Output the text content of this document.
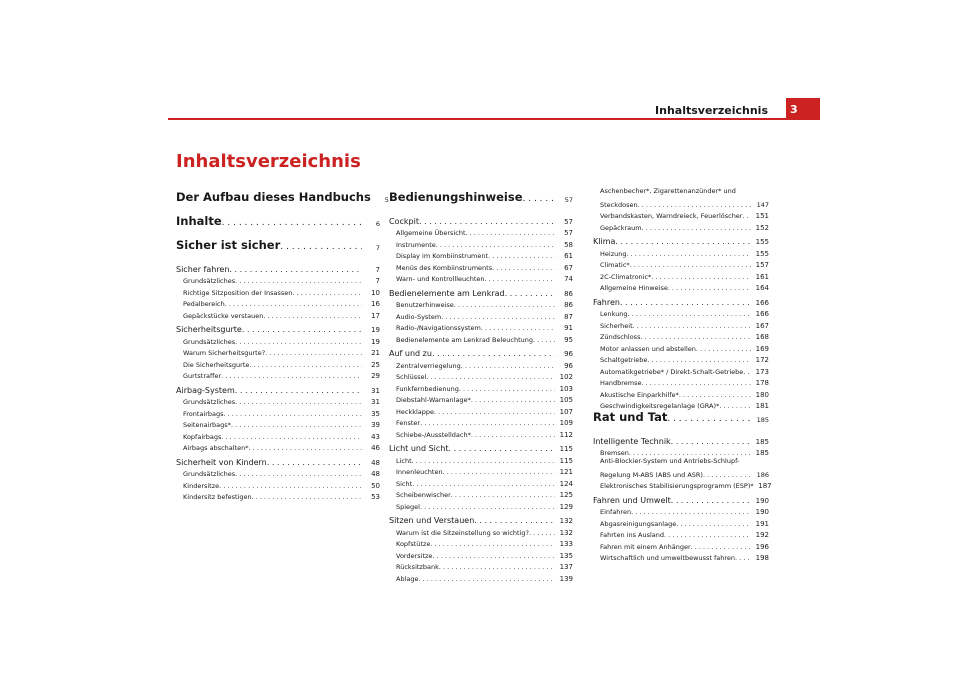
Inhaltsverzeichnis	3
Inhaltsverzeichnis
Der Aufbau dieses Handbuchs	5
Inhalte . . .	6
Sicher ist sicher . . .	7
Sicher fahren . . .	7
Grundsätzliches . . .	7
Richtige Sitzposition der Insassen . . .	10
Pedalbereich . . .	16
Gepäckstücke verstauen . . .	17
Sicherheitsgurte . . .	19
Grundsätzliches . . .	19
Warum Sicherheitsgurte? . . .	21
Die Sicherheitsgurte . . .	25
Gurtstraffer . . .	29
Airbag-System . . .	31
Grundsätzliches . . .	31
Frontairbags . . .	35
Seitenairbags* . . .	39
Kopfairbags . . .	43
Airbags abschalten* . . .	46
Sicherheit von Kindern . . .	48
Grundsätzliches . . .	48
Kindersitze . . .	50
Kindersitz befestigen . . .	53
Bedienungshinweise . . .	57
Cockpit . . .	57
Allgemeine Übersicht . . .	57
Instrumente . . .	58
Display im Kombiinstrument . . .	61
Menüs des Kombiinstruments . . .	67
Warn- und Kontrollleuchten . . .	74
Bedienelemente am Lenkrad . . .	86
Benutzerhinweise . . .	86
Audio-System . . .	87
Radio-/Navigationssystem . . .	91
Bedienelemente am Lenkrad Beleuchtung . . .	95
Auf und zu . . .	96
Zentralverriegelung . . .	96
Schlüssel . . .	102
Funkfernbedienung . . .	103
Diebstahl-Warnanlage* . . .	105
Heckklappe . . .	107
Fenster . . .	109
Schiebe-/Ausstelldach* . . .	112
Licht und Sicht . . .	115
Licht . . .	115
Innenleuchten . . .	121
Sicht . . .	124
Scheibenwischer . . .	125
Spiegel . . .	129
Sitzen und Verstauen . . .	132
Warum ist die Sitzeinstellung so wichtig? . . .	132
Kopfstütze . . .	133
Vordersitze . . .	135
Rücksitzbank . . .	137
Ablage . . .	139
Aschenbecher*, Zigarettenanzünder* und
Steckdosen . . .	147
Verbandskasten, Warndreieck, Feuerlöscher . . .	151
Gepäckraum . . .	152
Klima . . .	155
Heizung . . .	155
Climatic* . . .	157
2C-Climatronic* . . .	161
Allgemeine Hinweise . . .	164
Fahren . . .	166
Lenkung . . .	166
Sicherheit . . .	167
Zündschloss . . .	168
Motor anlassen und abstellen . . .	169
Schaltgetriebe . . .	172
Automatikgetriebe* / Direkt-Schalt-Getriebe . . .	173
Handbremse . . .	178
Akustische Einparkhilfe* . . .	180
Geschwindigkeitsregelanlage (GRA)* . . .	181
Rat und Tat . . .	185
Intelligente Technik . . .	185
Bremsen . . .	185
Anti-Blockier-System und Antriebs-Schlupf-
Regelung M-ABS (ABS und ASR) . . .	186
Elektronisches Stabilisierungsprogramm (ESP)* 187
Fahren und Umwelt . . .	190
Einfahren . . .	190
Abgasreinigungsanlage . . .	191
Fahrten ins Ausland . . .	192
Fahren mit einem Anhänger . . .	196
Wirtschaftlich und umweltbewusst fahren . . .	198
